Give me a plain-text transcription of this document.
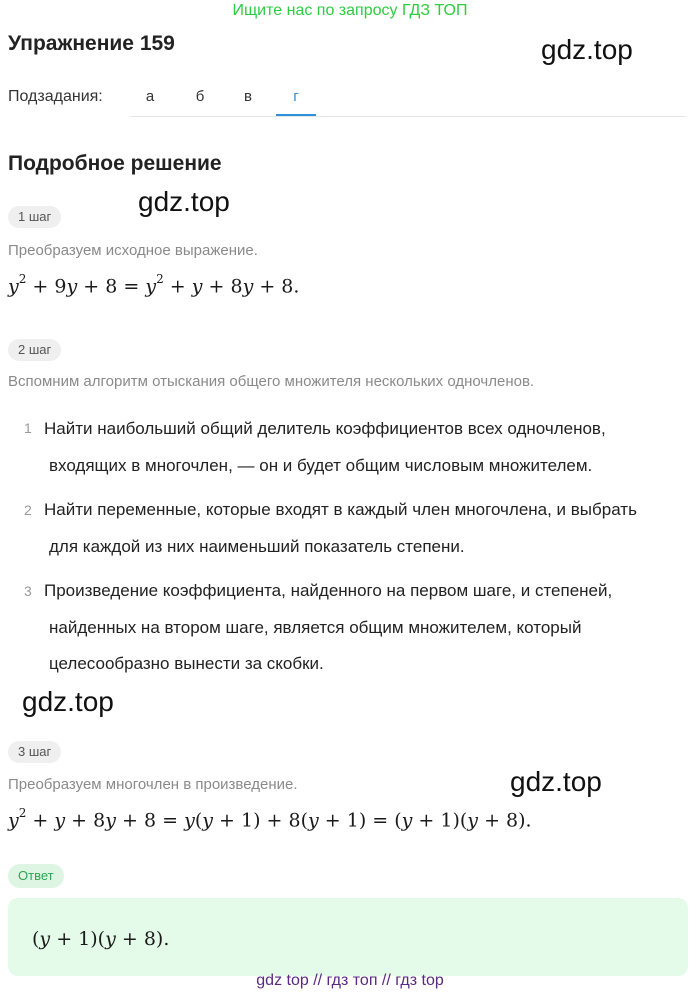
Ищите нас по запросу ГДЗ ТОП
Упражнение 159	gdz.top
Подзадания:	а	б	в	г
Подробное решение
gdz.top
1 шаг
Преобразуем исходное выражение.
$y^2 + 9y + 8 = y^2 + y + 8y + 8$.
2 шаг
Вспомним алгоритм отыскания общего множителя нескольких одночленов.
1 Найти наибольший общий делитель коэффициентов всех одночленов,
входящих в многочлен, — он и будет общим числовым множителем.
2 Найти переменные, которые входят в каждый член многочлена, и выбрать
для каждой из них наименьший показатель степени.
3 Произведение коэффициента, найденного на первом шаге, и степеней,
найденных на втором шаге, является общим множителем, который
целесообразно вынести за скобки.
gdz.top
3 шаг
gdz.top
Преобразуем многочлен в произведение.
$y^2 + y + 8y + 8 = y(y + 1) + 8(y + 1) = (y + 1)(y + 8)$.
Ответ
(y + 1)(y + 8).
gdz top // гдз топ // гдз top
